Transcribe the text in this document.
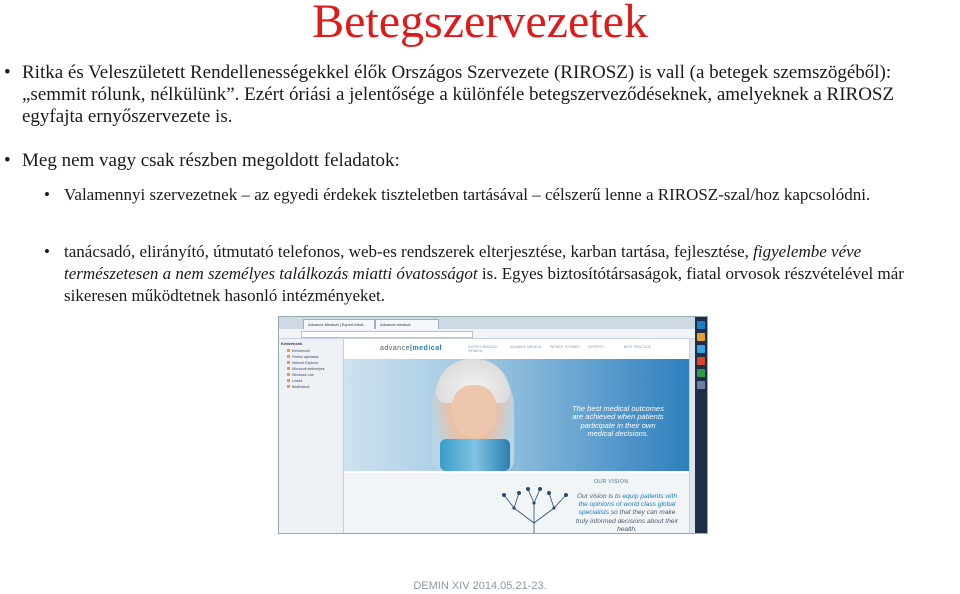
Betegszervezetek
• Ritka és Veleszületett Rendellenességekkel élők Országos Szervezete (RIROSZ) is vall (a betegek szemszögéből): „semmit rólunk, nélkülünk”. Ezért óriási a jelentősége a különféle betegszerveződéseknek, amelyeknek a RIROSZ egyfajta ernyőszervezete is.
• Meg nem vagy csak részben megoldott feladatok:
• Valamennyi szervezetnek – az egyedi érdekek tiszteletben tartásával – célszerű lenne a RIROSZ-szal/hoz kapcsolódni.
• tanácsadó, elirányító, útmutató telefonos, web-es rendszerek elterjesztése, karban tartása, fejlesztése, figyelembe véve természetesen a nem személyes találkozás miatti óvatosságot is. Egyes biztosítótársaságok, fiatal orvosok részvételével már sikeresen működtetnek hasonló intézményeket.
Advance Medical | Expert Medi...	Advance medical
Kedvencek
Kedvencek
Firefox ajánlatok
Internet Explorer
Microsoft webhelyek
Windows Live
Linkek
Beállítások
advance|medical	EXPERT MEDICAL OPINION
ADVANCE MEDICAL	PATIENT STORIES	EXPERTS	BEST PRACTICE
The best medical outcomes are achieved when patients participate in their own medical decisions.
OUR VISION
Our vision is to equip patients with the opinions of world class global specialists so that they can make truly informed decisions about their health.
DEMIN XIV 2014.05.21-23.
